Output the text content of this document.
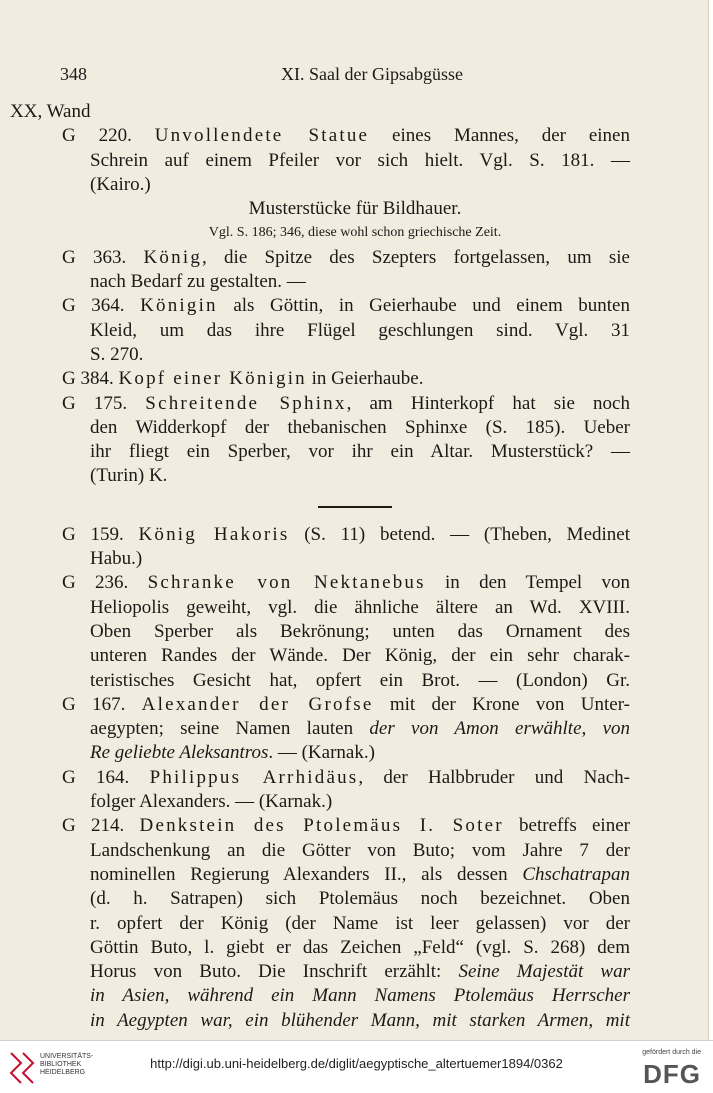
348	XI. Saal der Gipsabgüsse
XX, Wand
G 220. Unvollendete Statue eines Mannes, der einen
Schrein auf einem Pfeiler vor sich hielt. Vgl. S. 181. —
(Kairo.)
Musterstücke für Bildhauer.
Vgl. S. 186; 346, diese wohl schon griechische Zeit.
G 363. König, die Spitze des Szepters fortgelassen, um sie
nach Bedarf zu gestalten. —
G 364. Königin als Göttin, in Geierhaube und einem bunten
Kleid, um das ihre Flügel geschlungen sind. Vgl. 31
S. 270.
G 384. Kopf einer Königin in Geierhaube.
G 175. Schreitende Sphinx, am Hinterkopf hat sie noch
den Widderkopf der thebanischen Sphinxe (S. 185). Ueber
ihr fliegt ein Sperber, vor ihr ein Altar. Musterstück? —
(Turin) K.
G 159. König Hakoris (S. 11) betend. — (Theben, Medinet
Habu.)
G 236. Schranke von Nektanebus in den Tempel von
Heliopolis geweiht, vgl. die ähnliche ältere an Wd. XVIII.
Oben Sperber als Bekrönung; unten das Ornament des
unteren Randes der Wände. Der König, der ein sehr charak-
teristisches Gesicht hat, opfert ein Brot. — (London) Gr.
G 167. Alexander der Grofse mit der Krone von Unter-
aegypten; seine Namen lauten der von Amon erwählte, von
Re geliebte Aleksantros. — (Karnak.)
G 164. Philippus Arrhidäus, der Halbbruder und Nach-
folger Alexanders. — (Karnak.)
G 214. Denkstein des Ptolemäus I. Soter betreffs einer
Landschenkung an die Götter von Buto; vom Jahre 7 der
nominellen Regierung Alexanders II., als dessen Chschatrapan
(d. h. Satrapen) sich Ptolemäus noch bezeichnet. Oben
r. opfert der König (der Name ist leer gelassen) vor der
Göttin Buto, l. giebt er das Zeichen „Feld“ (vgl. S. 268) dem
Horus von Buto. Die Inschrift erzählt: Seine Majestät war
in Asien, während ein Mann Namens Ptolemäus Herrscher
in Aegypten war, ein blühender Mann, mit starken Armen, mit
UNIVERSITÄTS-
BIBLIOTHEK
HEIDELBERG
http://digi.ub.uni-heidelberg.de/diglit/aegyptische_altertuemer1894/0362
gefördert durch die
DFG
